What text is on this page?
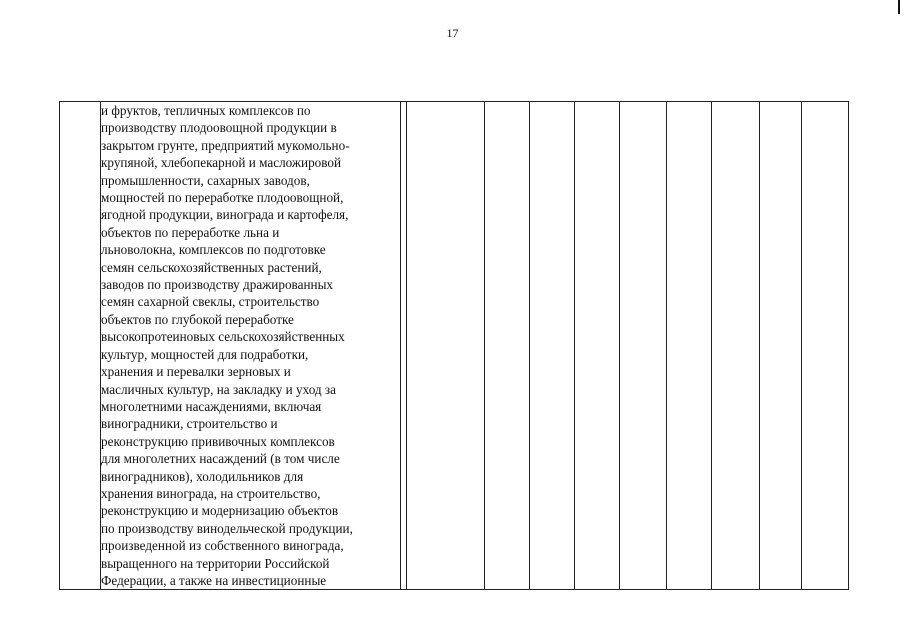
17

и фруктов, тепличных комплексов по
производству плодоовощной продукции в
закрытом грунте, предприятий мукомольно-
крупяной, хлебопекарной и масложировой
промышленности, сахарных заводов,
мощностей по переработке плодоовощной,
ягодной продукции, винограда и картофеля,
объектов по переработке льна и
льноволокна, комплексов по подготовке
семян сельскохозяйственных растений,
заводов по производству дражированных
семян сахарной свеклы, строительство
объектов по глубокой переработке
высокопротеиновых сельскохозяйственных
культур, мощностей для подработки,
хранения и перевалки зерновых и
масличных культур, на закладку и уход за
многолетними насаждениями, включая
виноградники, строительство и
реконструкцию прививочных комплексов
для многолетних насаждений (в том числе
виноградников), холодильников для
хранения винограда, на строительство,
реконструкцию и модернизацию объектов
по производству винодельческой продукции,
произведенной из собственного винограда,
выращенного на территории Российской
Федерации, а также на инвестиционные
